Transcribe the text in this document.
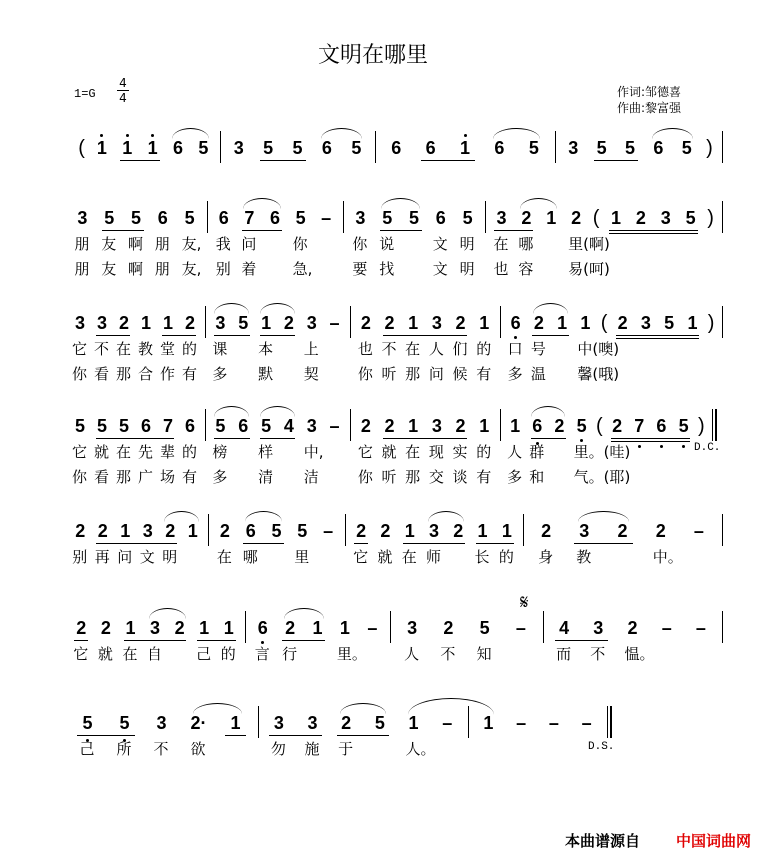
文明在哪里
1=G
4
4	作词:邹德喜
作曲:黎富强
( 1 1 1 6 5	3	5	5	6	5	6	6	1	6	5	3	5	5	6	5 )
3
朋
朋
5
友
友
5
啊
啊
6
朋
朋
5
友,
友,
6
我
别
7
问
着
6 5
你
急,
–	3
你
要
5
说
找
5 6
文
文
5
明
明
3
在
也
2
哪
容
1 2
里(啊)
易(呵)
( 1 2 3 5 )
3
它
你
3
不
看
2
在
那
1
教
合
1
堂
作
2
的
有
3
课
多
5 1
本
默
2 3
上
契
–	2
也
你
2
不
听
1
在
那
3
人
问
2
们
候
1
的
有
6
口
多
2
号
温
1 1
中(噢)
馨(哦)
( 2 3 5 1 )
5
它
你
5
就
看
5
在
那
6
先
广
7
辈
场
6
的
有
5
榜
多
6 5
样
清
4 3
中,
洁
–	2
它
你
2
就
听
1
在
那
3
现
交
2
实
谈
1
的
有
1
人
多
6
群
和
2 5
里。(哇)
气。(耶)
( 2 7 6 5 )
2
别
2
再
1
问
3
文
2
明
1	2
在
6
哪
5 5
里
–	2
它
2
就
1
在
3
师
2 1
长
1
的
2
身
3
教
2	2
中。
–
2
它
2
就
1
在
3
自
2 1
己
1
的
6
言
2
行
1 1
里。
–	3
人
2
不
5
知
–	4
而
3
不
2
愠。
–	–
5
己
5
所
3
不
2·
欲
1	3
勿
3
施
2
于
5	1
人。
–	1	–	–	–
D.C.
D.S.
𝄋
本曲谱源自 中国词曲网
